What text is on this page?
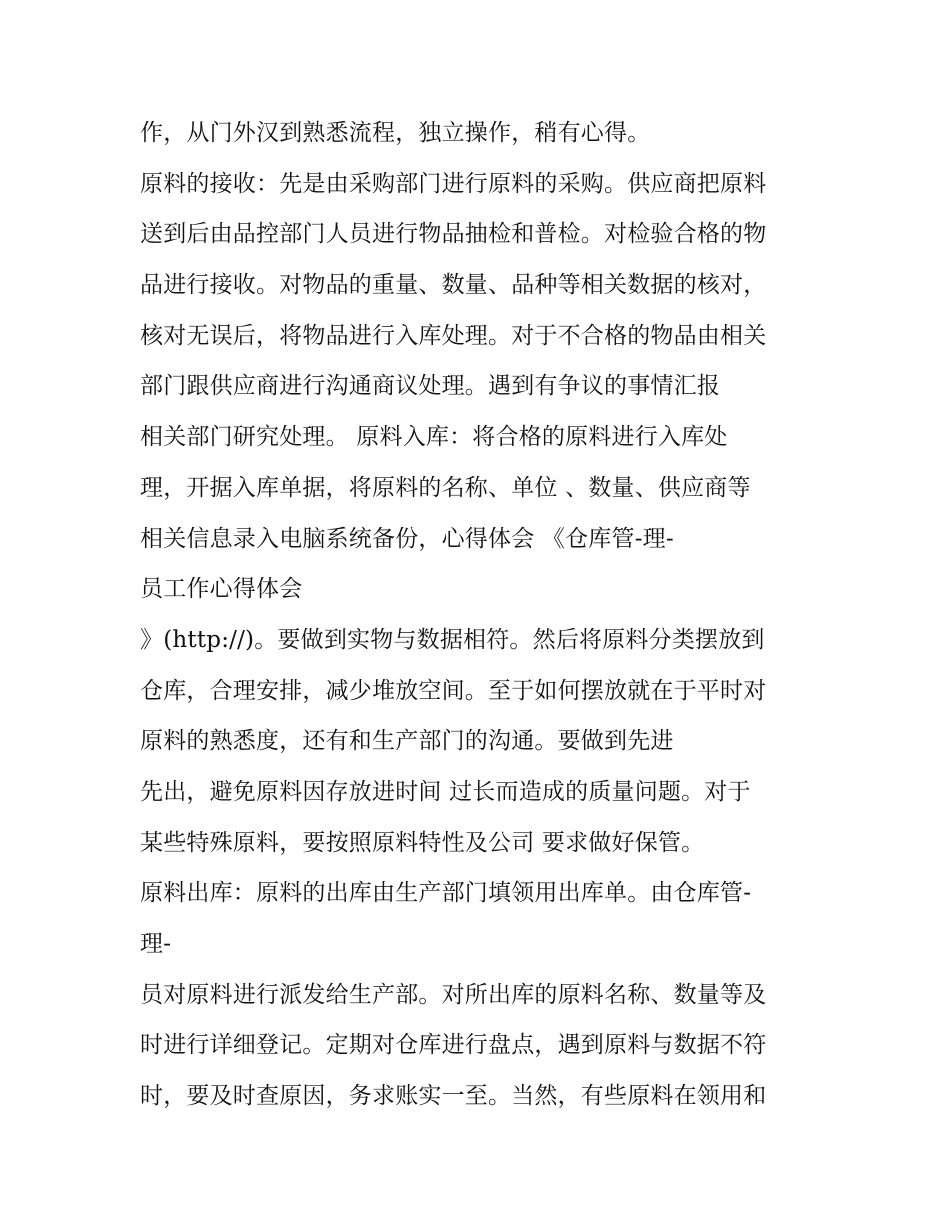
作，从门外汉到熟悉流程，独立操作，稍有心得。
原料的接收：先是由采购部门进行原料的采购。供应商把原料
送到后由品控部门人员进行物品抽检和普检。对检验合格的物
品进行接收。对物品的重量、数量、品种等相关数据的核对，
核对无误后，将物品进行入库处理。对于不合格的物品由相关
部门跟供应商进行沟通商议处理。遇到有争议的事情汇报
相关部门研究处理。 原料入库：将合格的原料进行入库处
理，开据入库单据，将原料的名称、单位 、数量、供应商等
相关信息录入电脑系统备份，心得体会 《仓库管-理-
员工作心得体会
》(http://)。要做到实物与数据相符。然后将原料分类摆放到
仓库，合理安排，减少堆放空间。至于如何摆放就在于平时对
原料的熟悉度，还有和生产部门的沟通。要做到先进
先出，避免原料因存放进时间 过长而造成的质量问题。对于
某些特殊原料，要按照原料特性及公司 要求做好保管。
原料出库：原料的出库由生产部门填领用出库单。由仓库管-
理-
员对原料进行派发给生产部。对所出库的原料名称、数量等及
时进行详细登记。定期对仓库进行盘点，遇到原料与数据不符
时，要及时查原因，务求账实一至。当然，有些原料在领用和
